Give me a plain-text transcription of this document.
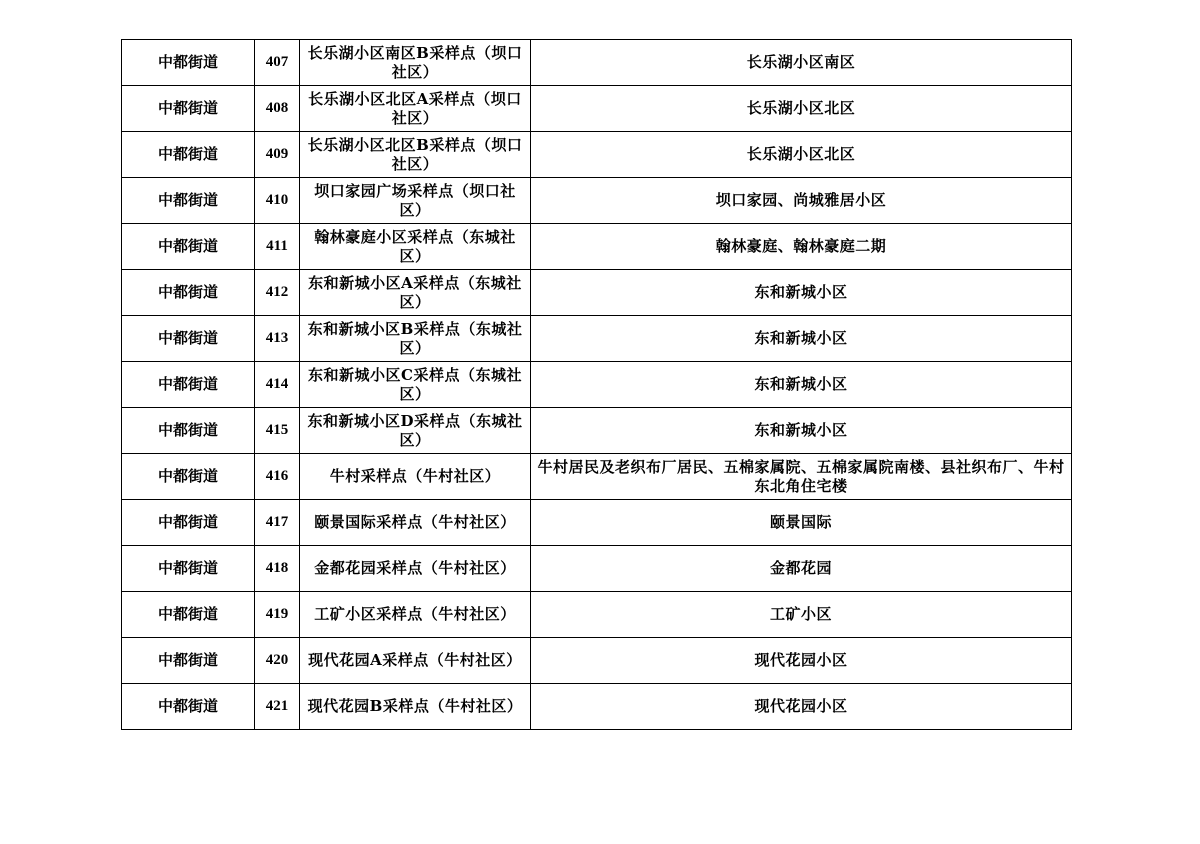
中都街道	407	长乐湖小区南区B采样点（坝口社区）	长乐湖小区南区
中都街道	408	长乐湖小区北区A采样点（坝口社区）	长乐湖小区北区
中都街道	409	长乐湖小区北区B采样点（坝口社区）	长乐湖小区北区
中都街道	410	坝口家园广场采样点（坝口社区）	坝口家园、尚城雅居小区
中都街道	411	翰林豪庭小区采样点（东城社区）	翰林豪庭、翰林豪庭二期
中都街道	412	东和新城小区A采样点（东城社区）	东和新城小区
中都街道	413	东和新城小区B采样点（东城社区）	东和新城小区
中都街道	414	东和新城小区C采样点（东城社区）	东和新城小区
中都街道	415	东和新城小区D采样点（东城社区）	东和新城小区
中都街道	416	牛村采样点（牛村社区）	牛村居民及老织布厂居民、五棉家属院、五棉家属院南楼、县社织布厂、牛村东北角住宅楼
中都街道	417	颐景国际采样点（牛村社区）	颐景国际
中都街道	418	金都花园采样点（牛村社区）	金都花园
中都街道	419	工矿小区采样点（牛村社区）	工矿小区
中都街道	420	现代花园A采样点（牛村社区）	现代花园小区
中都街道	421	现代花园B采样点（牛村社区）	现代花园小区
